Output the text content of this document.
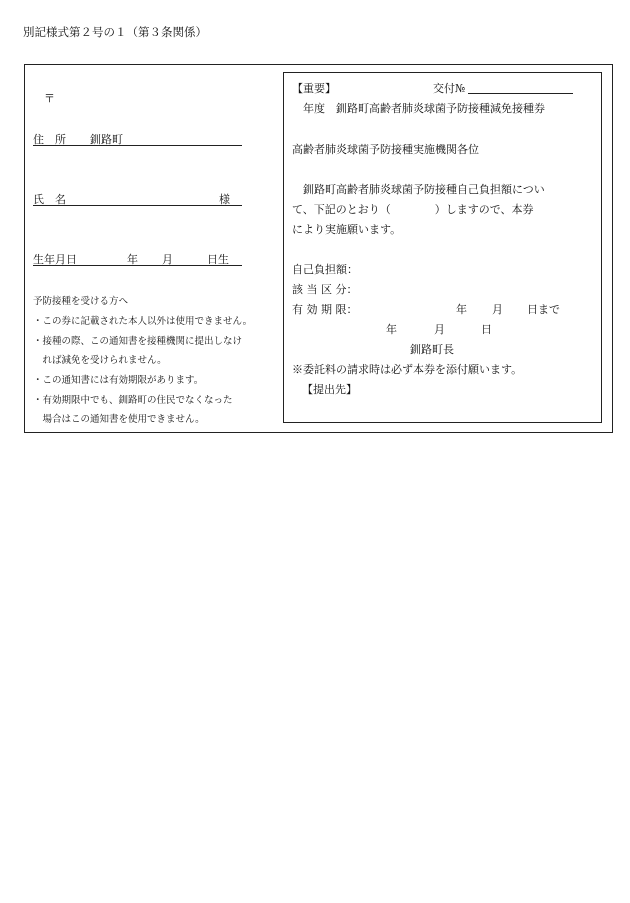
別記様式第２号の１（第３条関係）
〒
住　所 釧路町
氏　名	様
生年月日	年 月	日生
予防接種を受ける方へ
・この券に記載された本人以外は使用できません。
・接種の際、この通知書を接種機関に提出しなけ
　れば減免を受けられません。
・この通知書には有効期限があります。
・有効期限中でも、釧路町の住民でなくなった
　場合はこの通知書を使用できません。
【重要】	交付№
　年度　釧路町高齢者肺炎球菌予防接種減免接種券
高齢者肺炎球菌予防接種実施機関各位
　釧路町高齢者肺炎球菌予防接種自己負担額につい
て、下記のとおり（　　　　）しますので、本券
により実施願います。
自己負担額：
該 当 区 分：
有 効 期 限：	年 月 日まで
年	月	日
釧路町長
※委託料の請求時は必ず本券を添付願います。
【提出先】
